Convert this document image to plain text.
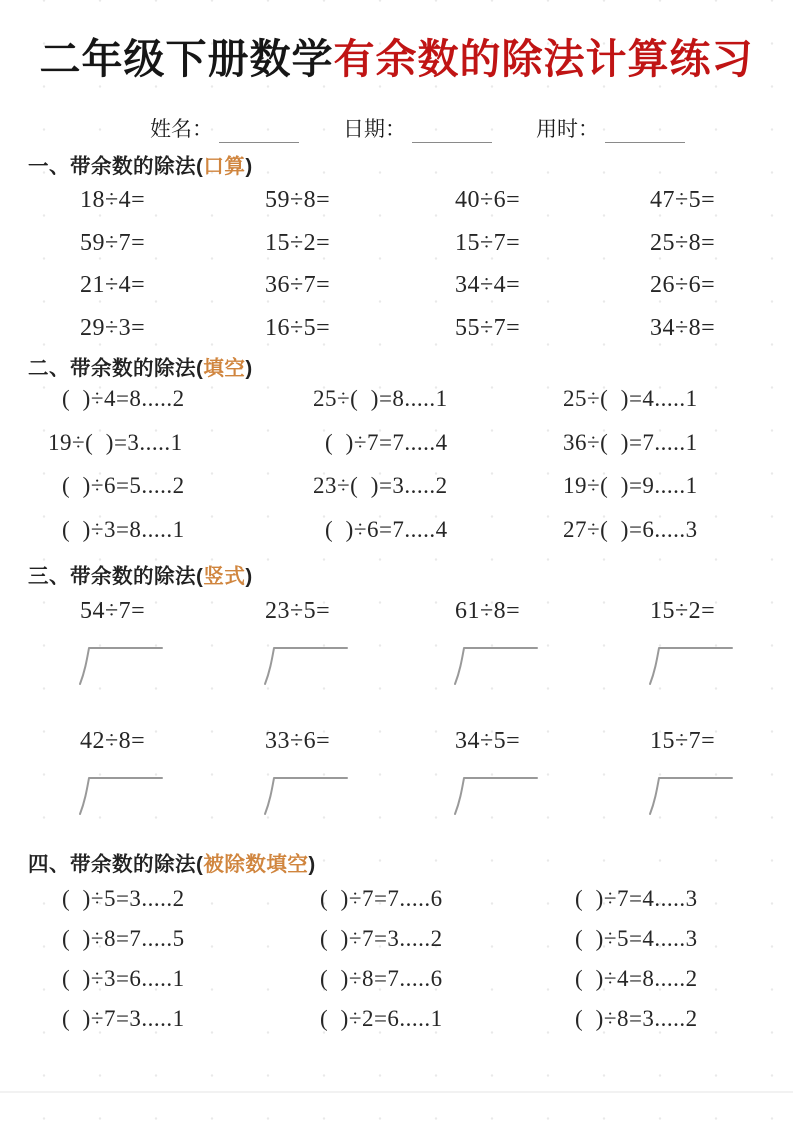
二年级下册数学有余数的除法计算练习
姓名：	日期：	用时：
一、带余数的除法(口算)
18÷4=	59÷8=	40÷6=	47÷5=
59÷7=	15÷2=	15÷7=	25÷8=
21÷4=	36÷7=	34÷4=	26÷6=
29÷3=	16÷5=	55÷7=	34÷8=
二、带余数的除法(填空)
(  )÷4=8.....2	25÷(  )=8.....1	25÷(  )=4.....1
19÷(  )=3.....1	(  )÷7=7.....4	36÷(  )=7.....1
(  )÷6=5.....2	23÷(  )=3.....2	19÷(  )=9.....1
(  )÷3=8.....1	(  )÷6=7.....4	27÷(  )=6.....3
三、带余数的除法(竖式)
54÷7=	23÷5=	61÷8=	15÷2=
42÷8=	33÷6=	34÷5=	15÷7=
四、带余数的除法(被除数填空)
(  )÷5=3.....2	(  )÷7=7.....6	(  )÷7=4.....3
(  )÷8=7.....5	(  )÷7=3.....2	(  )÷5=4.....3
(  )÷3=6.....1	(  )÷8=7.....6	(  )÷4=8.....2
(  )÷7=3.....1	(  )÷2=6.....1	(  )÷8=3.....2
